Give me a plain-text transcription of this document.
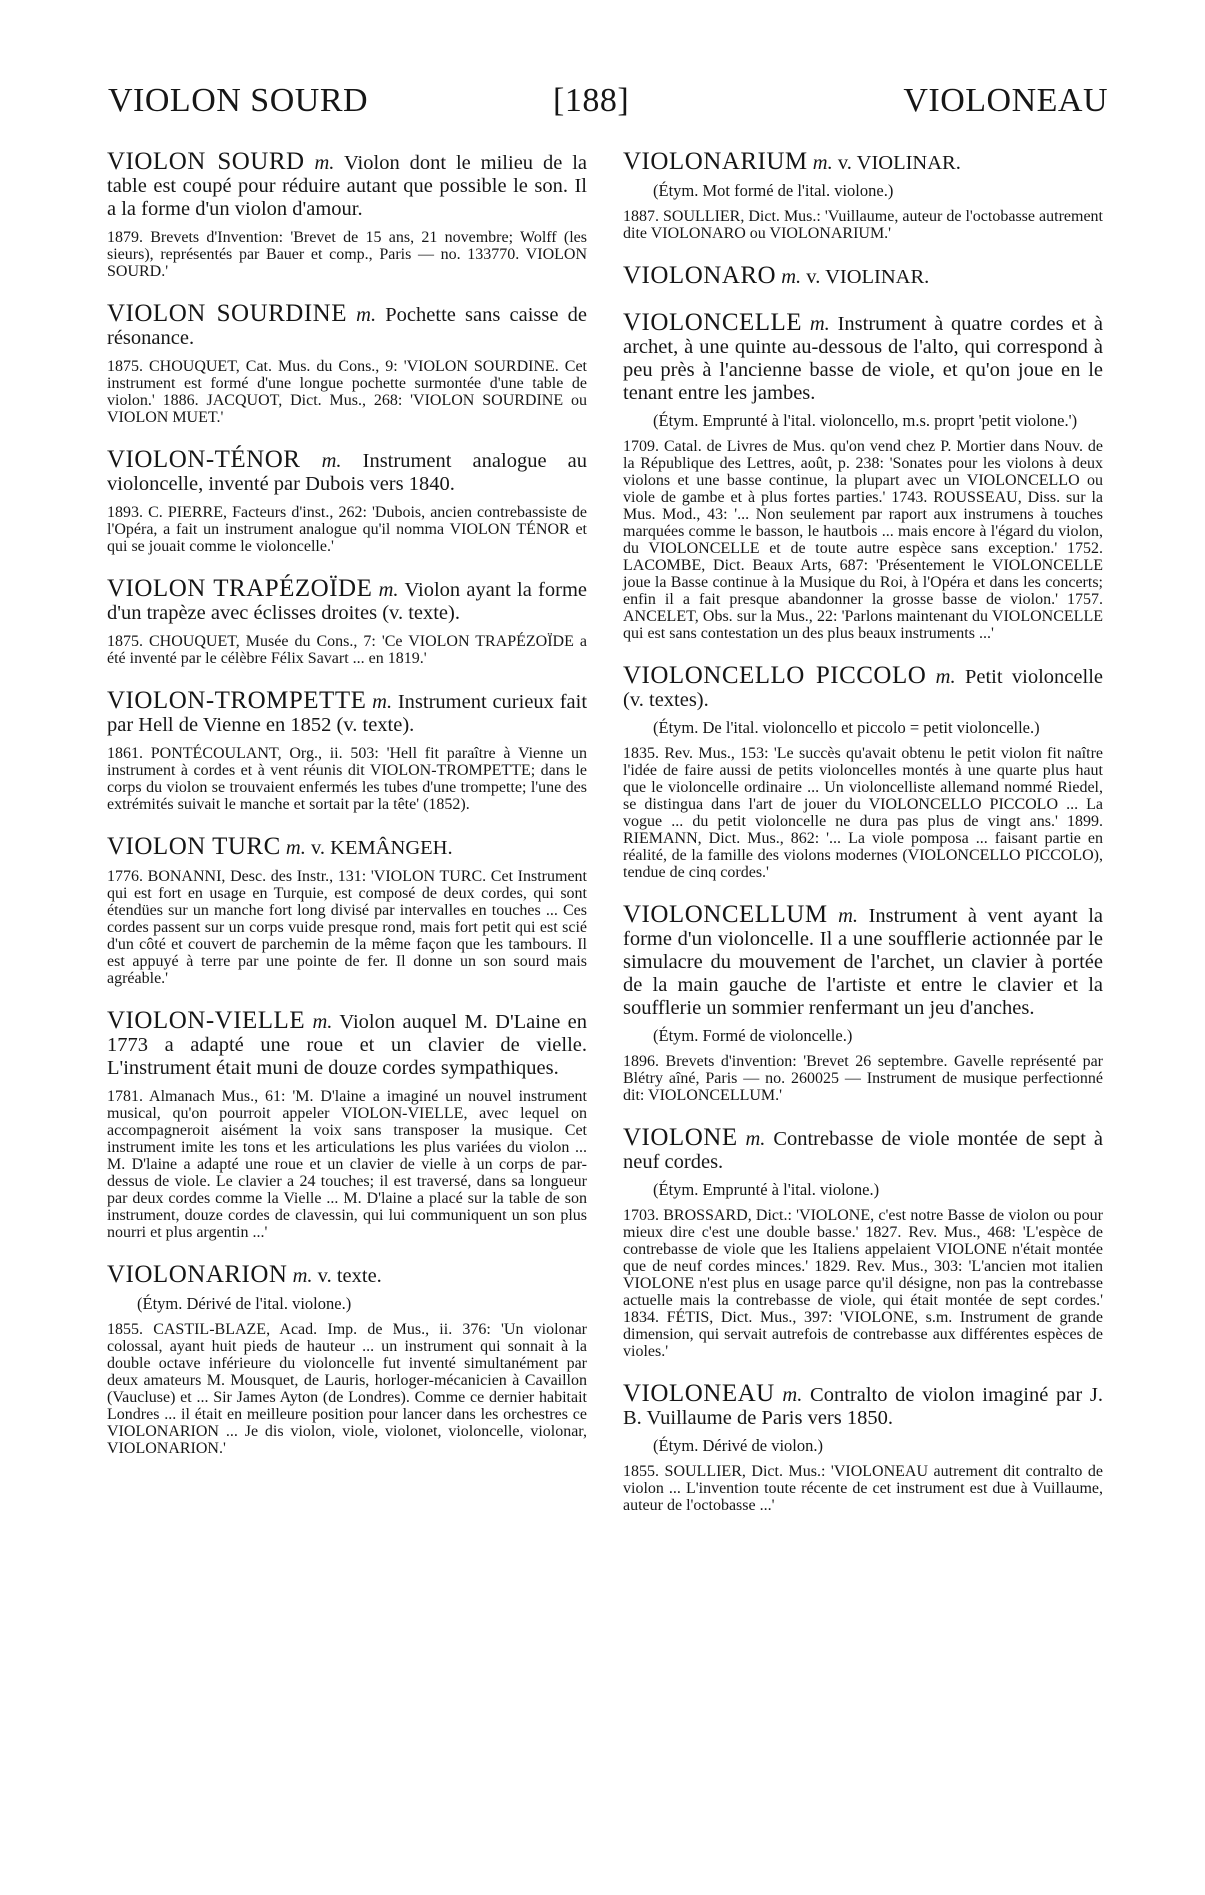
VIOLON SOURD	[188]	VIOLONEAU
VIOLON SOURD m. Violon dont le milieu de la table est coupé pour réduire autant que possible le son. Il a la forme d'un violon d'amour.
1879. Brevets d'Invention: 'Brevet de 15 ans, 21 novembre; Wolff (les sieurs), représentés par Bauer et comp., Paris — no. 133770. VIOLON SOURD.'
VIOLON SOURDINE m. Pochette sans caisse de résonance.
1875. CHOUQUET, Cat. Mus. du Cons., 9: 'VIOLON SOURDINE. Cet instrument est formé d'une longue pochette surmontée d'une table de violon.' 1886. JACQUOT, Dict. Mus., 268: 'VIOLON SOURDINE ou VIOLON MUET.'
VIOLON-TÉNOR m. Instrument analogue au violoncelle, inventé par Dubois vers 1840.
1893. C. PIERRE, Facteurs d'inst., 262: 'Dubois, ancien contrebassiste de l'Opéra, a fait un instrument analogue qu'il nomma VIOLON TÉNOR et qui se jouait comme le violoncelle.'
VIOLON TRAPÉZOÏDE m. Violon ayant la forme d'un trapèze avec éclisses droites (v. texte).
1875. CHOUQUET, Musée du Cons., 7: 'Ce VIOLON TRAPÉZOÏDE a été inventé par le célèbre Félix Savart ... en 1819.'
VIOLON-TROMPETTE m. Instrument curieux fait par Hell de Vienne en 1852 (v. texte).
1861. PONTÉCOULANT, Org., ii. 503: 'Hell fit paraître à Vienne un instrument à cordes et à vent réunis dit VIOLON-TROMPETTE; dans le corps du violon se trouvaient enfermés les tubes d'une trompette; l'une des extrémités suivait le manche et sortait par la tête' (1852).
VIOLON TURC m. v. KEMÂNGEH.
1776. BONANNI, Desc. des Instr., 131: 'VIOLON TURC. Cet Instrument qui est fort en usage en Turquie, est composé de deux cordes, qui sont étendües sur un manche fort long divisé par intervalles en touches ... Ces cordes passent sur un corps vuide presque rond, mais fort petit qui est scié d'un côté et couvert de parchemin de la même façon que les tambours. Il est appuyé à terre par une pointe de fer. Il donne un son sourd mais agréable.'
VIOLON-VIELLE m. Violon auquel M. D'Laine en 1773 a adapté une roue et un clavier de vielle. L'instrument était muni de douze cordes sympathiques.
1781. Almanach Mus., 61: 'M. D'laine a imaginé un nouvel instrument musical, qu'on pourroit appeler VIOLON-VIELLE, avec lequel on accompagneroit aisément la voix sans transposer la musique. Cet instrument imite les tons et les articulations les plus variées du violon ... M. D'laine a adapté une roue et un clavier de vielle à un corps de par-dessus de viole. Le clavier a 24 touches; il est traversé, dans sa longueur par deux cordes comme la Vielle ... M. D'laine a placé sur la table de son instrument, douze cordes de clavessin, qui lui communiquent un son plus nourri et plus argentin ...'
VIOLONARION m. v. texte.
(Étym. Dérivé de l'ital. violone.)
1855. CASTIL-BLAZE, Acad. Imp. de Mus., ii. 376: 'Un violonar colossal, ayant huit pieds de hauteur ... un instrument qui sonnait à la double octave inférieure du violoncelle fut inventé simultanément par deux amateurs M. Mousquet, de Lauris, horloger-mécanicien à Cavaillon (Vaucluse) et ... Sir James Ayton (de Londres). Comme ce dernier habitait Londres ... il était en meilleure position pour lancer dans les orchestres ce VIOLONARION ... Je dis violon, viole, violonet, violoncelle, violonar, VIOLONARION.'
VIOLONARIUM m. v. VIOLINAR.
(Étym. Mot formé de l'ital. violone.)
1887. SOULLIER, Dict. Mus.: 'Vuillaume, auteur de l'octobasse autrement dite VIOLONARO ou VIOLONARIUM.'
VIOLONARO m. v. VIOLINAR.
VIOLONCELLE m. Instrument à quatre cordes et à archet, à une quinte au-dessous de l'alto, qui correspond à peu près à l'ancienne basse de viole, et qu'on joue en le tenant entre les jambes.
(Étym. Emprunté à l'ital. violoncello, m.s. proprt 'petit violone.')
1709. Catal. de Livres de Mus. qu'on vend chez P. Mortier dans Nouv. de la République des Lettres, août, p. 238: 'Sonates pour les violons à deux violons et une basse continue, la plupart avec un VIOLONCELLO ou viole de gambe et à plus fortes parties.' 1743. ROUSSEAU, Diss. sur la Mus. Mod., 43: '... Non seulement par raport aux instrumens à touches marquées comme le basson, le hautbois ... mais encore à l'égard du violon, du VIOLONCELLE et de toute autre espèce sans exception.' 1752. LACOMBE, Dict. Beaux Arts, 687: 'Présentement le VIOLONCELLE joue la Basse continue à la Musique du Roi, à l'Opéra et dans les concerts; enfin il a fait presque abandonner la grosse basse de violon.' 1757. ANCELET, Obs. sur la Mus., 22: 'Parlons maintenant du VIOLONCELLE qui est sans contestation un des plus beaux instruments ...'
VIOLONCELLO PICCOLO m. Petit violoncelle (v. textes).
(Étym. De l'ital. violoncello et piccolo = petit violoncelle.)
1835. Rev. Mus., 153: 'Le succès qu'avait obtenu le petit violon fit naître l'idée de faire aussi de petits violoncelles montés à une quarte plus haut que le violoncelle ordinaire ... Un violoncelliste allemand nommé Riedel, se distingua dans l'art de jouer du VIOLONCELLO PICCOLO ... La vogue ... du petit violoncelle ne dura pas plus de vingt ans.' 1899. RIEMANN, Dict. Mus., 862: '... La viole pomposa ... faisant partie en réalité, de la famille des violons modernes (VIOLONCELLO PICCOLO), tendue de cinq cordes.'
VIOLONCELLUM m. Instrument à vent ayant la forme d'un violoncelle. Il a une soufflerie actionnée par le simulacre du mouvement de l'archet, un clavier à portée de la main gauche de l'artiste et entre le clavier et la soufflerie un sommier renfermant un jeu d'anches.
(Étym. Formé de violoncelle.)
1896. Brevets d'invention: 'Brevet 26 septembre. Gavelle représenté par Blétry aîné, Paris — no. 260025 — Instrument de musique perfectionné dit: VIOLONCELLUM.'
VIOLONE m. Contrebasse de viole montée de sept à neuf cordes.
(Étym. Emprunté à l'ital. violone.)
1703. BROSSARD, Dict.: 'VIOLONE, c'est notre Basse de violon ou pour mieux dire c'est une double basse.' 1827. Rev. Mus., 468: 'L'espèce de contrebasse de viole que les Italiens appelaient VIOLONE n'était montée que de neuf cordes minces.' 1829. Rev. Mus., 303: 'L'ancien mot italien VIOLONE n'est plus en usage parce qu'il désigne, non pas la contrebasse actuelle mais la contrebasse de viole, qui était montée de sept cordes.' 1834. FÉTIS, Dict. Mus., 397: 'VIOLONE, s.m. Instrument de grande dimension, qui servait autrefois de contrebasse aux différentes espèces de violes.'
VIOLONEAU m. Contralto de violon imaginé par J. B. Vuillaume de Paris vers 1850.
(Étym. Dérivé de violon.)
1855. SOULLIER, Dict. Mus.: 'VIOLONEAU autrement dit contralto de violon ... L'invention toute récente de cet instrument est due à Vuillaume, auteur de l'octobasse ...'
